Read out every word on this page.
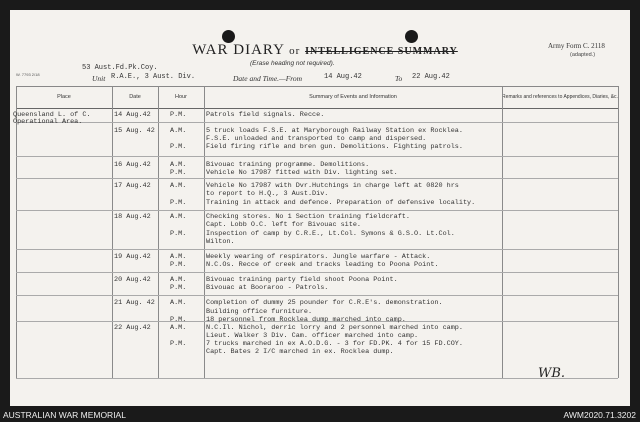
WAR DIARY or INTELLIGENCE SUMMARY
(Erase heading not required).
Army Form C. 2118
(adapted.)
W. 7793 2/18
53 Aust.Fd.Pk.Coy.
Unit R.A.E., 3 Aust. Div.	Date and Time.—From	14 Aug.42	To 22 Aug.42
Place	Date	Hour	Summary of Events and Information	Remarks and references to Appendices, Diaries, &c.
Queensland L. of C.	14 Aug.42	P.M.	Patrols field signals. Recce.
Operational Area.
15 Aug. 42 A.M.	5 truck loads F.S.E. at Maryborough Railway Station ex Rocklea.
F.S.E. unloaded and transported to camp and dispersed.
P.M.	Field firing rifle and bren gun. Demolitions. Fighting patrols.
16 Aug.42	A.M.	Bivouac training programme. Demolitions.
P.M.	Vehicle No 17987 fitted with Div. lighting set.
17 Aug.42	A.M.	Vehicle No 17987 with Dvr.Hutchings in charge left at 0820 hrs
to report to H.Q., 3 Aust.Div.
P.M.	Training in attack and defence. Preparation of defensive locality.
18 Aug.42	A.M.	Checking stores. No 1 Section training fieldcraft.
Capt. Lobb O.C. left for Bivouac site.
P.M.	Inspection of camp by C.R.E., Lt.Col. Symons & G.S.O. Lt.Col.
Wilton.
19 Aug.42	A.M.	Weekly wearing of respirators. Jungle warfare - Attack.
P.M.	N.C.Os. Recce of creek and tracks leading to Poona Point.
20 Aug.42	A.M.	Bivouac training party field shoot Poona Point.
P.M.	Bivouac at Booraroo - Patrols.
21 Aug. 42 A.M.	Completion of dummy 25 pounder for C.R.E's. demonstration.
Building office furniture.
P.M.	18 personnel from Rocklea dump marched into camp.
22 Aug.42	A.M.	N.C.Il. Nichol, derric lorry and 2 personnel marched into camp.
Lieut. Walker 3 Div. Cam. officer marched into camp.
P.M.	7 trucks marched in ex A.O.D.G. - 3 for FD.PK. 4 for 15 FD.COY.
Capt. Bates 2 I/C marched in ex. Rocklea dump.
WB.
AUSTRALIAN WAR MEMORIAL	AWM2020.71.3202
